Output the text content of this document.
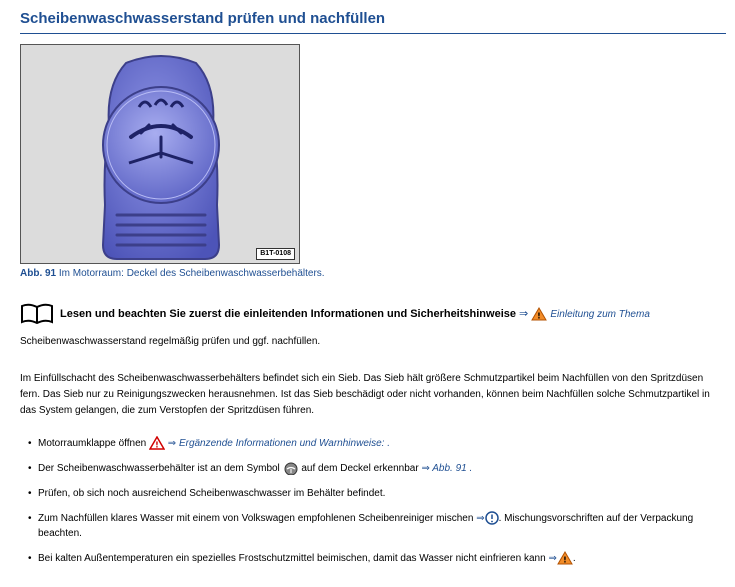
Scheibenwaschwasserstand prüfen und nachfüllen
B1T-0108
Abb. 91 Im Motorraum: Deckel des Scheibenwaschwasserbehälters.
Lesen und beachten Sie zuerst die einleitenden Informationen und Sicherheitshinweise ⇒ ! Einleitung zum Thema
Scheibenwaschwasserstand regelmäßig prüfen und ggf. nachfüllen.
Im Einfüllschacht des Scheibenwaschwasserbehälters befindet sich ein Sieb. Das Sieb hält größere Schmutzpartikel beim Nachfüllen von den Spritzdüsen fern. Das Sieb nur zu Reinigungszwecken herausnehmen. Ist das Sieb beschädigt oder nicht vorhanden, können beim Nachfüllen solche Schmutzpartikel in das System gelangen, die zum Verstopfen der Spritzdüsen führen.
• Motorraumklappe öffnen ! ⇒ Ergänzende Informationen und Warnhinweise: .
• Der Scheibenwaschwasserbehälter ist an dem Symbol auf dem Deckel erkennbar ⇒ Abb. 91 .
• Prüfen, ob sich noch ausreichend Scheibenwaschwasser im Behälter befindet.
• Zum Nachfüllen klares Wasser mit einem von Volkswagen empfohlenen Scheibenreiniger mischen ⇒ . Mischungsvorschriften auf der Verpackung beachten.
• Bei kalten Außentemperaturen ein spezielles Frostschutzmittel beimischen, damit das Wasser nicht einfrieren kann ⇒ ! .
